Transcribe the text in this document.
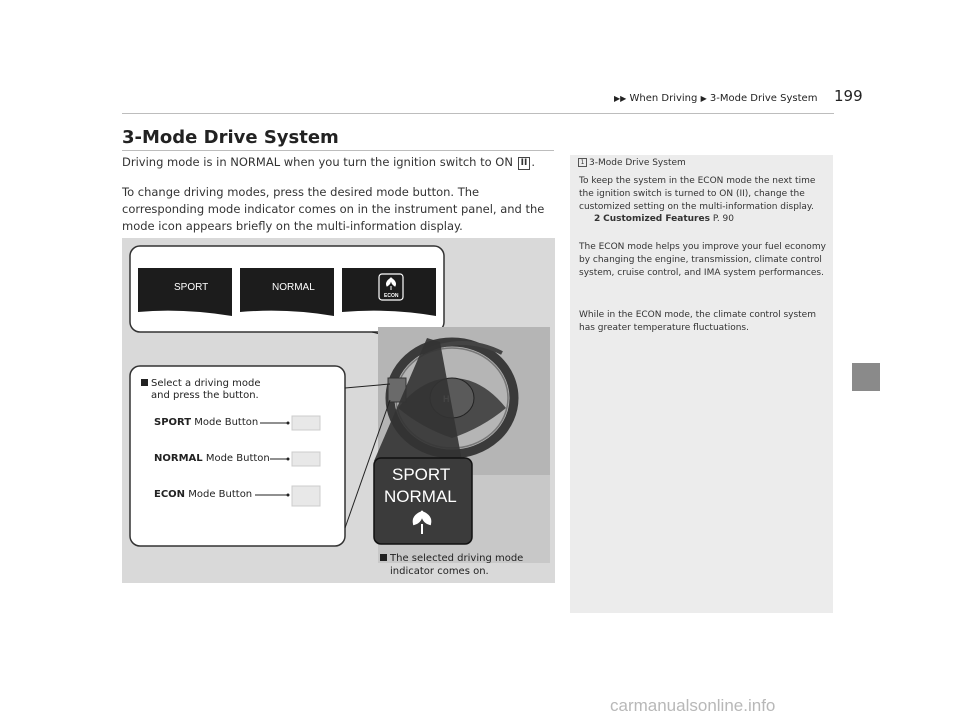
▶▶ When Driving ▶ 3-Mode Drive System 199
3-Mode Drive System
Driving mode is in NORMAL when you turn the ignition switch to ON II .
To change driving modes, press the desired mode button. The corresponding mode indicator comes on in the instrument panel, and the mode icon appears briefly on the multi-information display.
SPORT	NORMAL
ECON
SPORT
NORMAL
Select a driving mode
and press the button.
SPORT Mode Button
NORMAL Mode Button
ECON Mode Button
The selected driving mode
indicator comes on.
1 3-Mode Drive System
To keep the system in the ECON mode the next time the ignition switch is turned to ON (II), change the customized setting on the multi-information display.
2 Customized Features P. 90
The ECON mode helps you improve your fuel economy by changing the engine, transmission, climate control system, cruise control, and IMA system performances.
While in the ECON mode, the climate control system has greater temperature fluctuations.
carmanualsonline.info
